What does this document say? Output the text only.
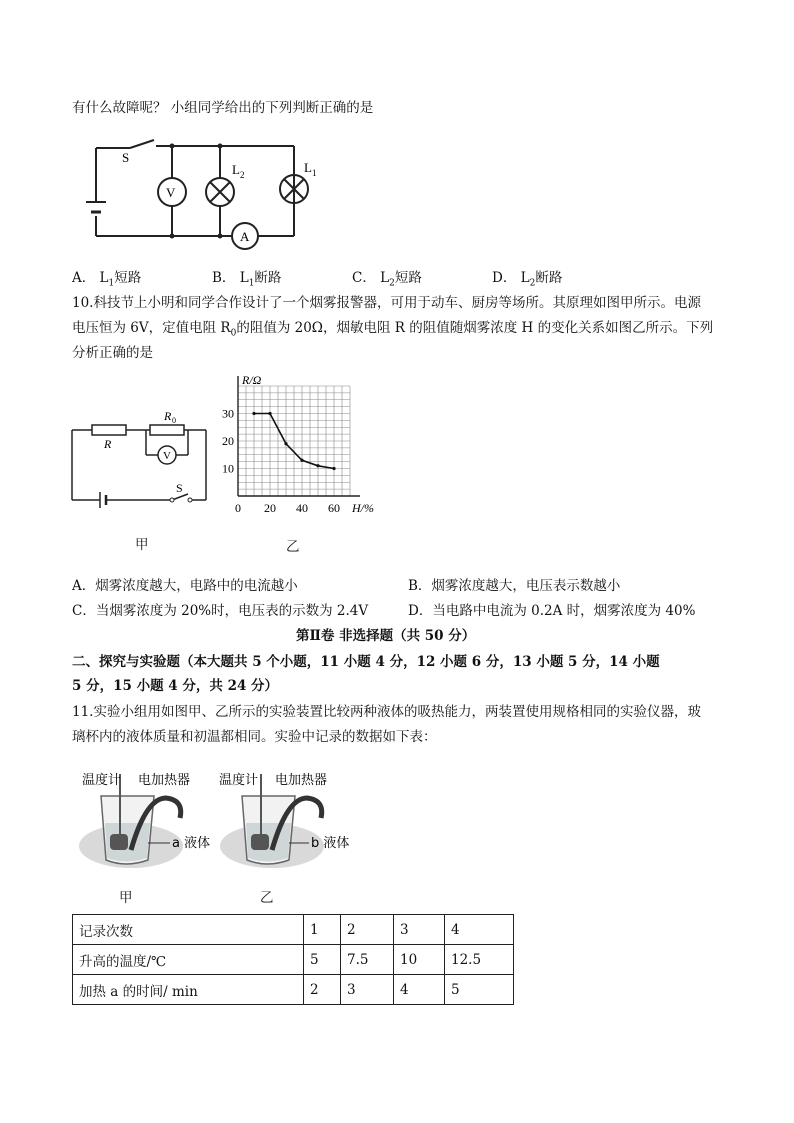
有什么故障呢？ 小组同学给出的下列判断正确的是
S
V
L 2	L 1
A
A． $L_1$短路	B． $L_1$断路	C． $L_2$短路	D． $L_2$断路
10.科技节上小明和同学合作设计了一个烟雾报警器，可用于动车、厨房等场所。其原理如图甲所示。电源
电压恒为 6V，定值电阻 $R_0$的阻值为 20Ω，烟敏电阻 R 的阻值随烟雾浓度 H 的变化关系如图乙所示。下列
分析正确的是
R
R 0
V
S
甲
0 20 40 60
10
20
30
H/%
R/Ω
乙
A．烟雾浓度越大，电路中的电流越小	B．烟雾浓度越大，电压表示数越小
C．当烟雾浓度为 20%时，电压表的示数为 2.4V	D．当电路中电流为 0.2A 时，烟雾浓度为 40%
第Ⅱ卷 非选择题（共 50 分）
二、探究与实验题（本大题共 5 个小题，11 小题 4 分，12 小题 6 分，13 小题 5 分，14 小题
5 分，15 小题 4 分，共 24 分）
11.实验小组用如图甲、乙所示的实验装置比较两种液体的吸热能力，两装置使用规格相同的实验仪器，玻
璃杯内的液体质量和初温都相同。实验中记录的数据如下表：
温度计 电加热器
a 液体
甲
温度计 电加热器
b 液体
乙
记录次数	1	2	3	4
升高的温度/℃	5	7.5	10	12.5
加热 a 的时间/ min	2	3	4	5
